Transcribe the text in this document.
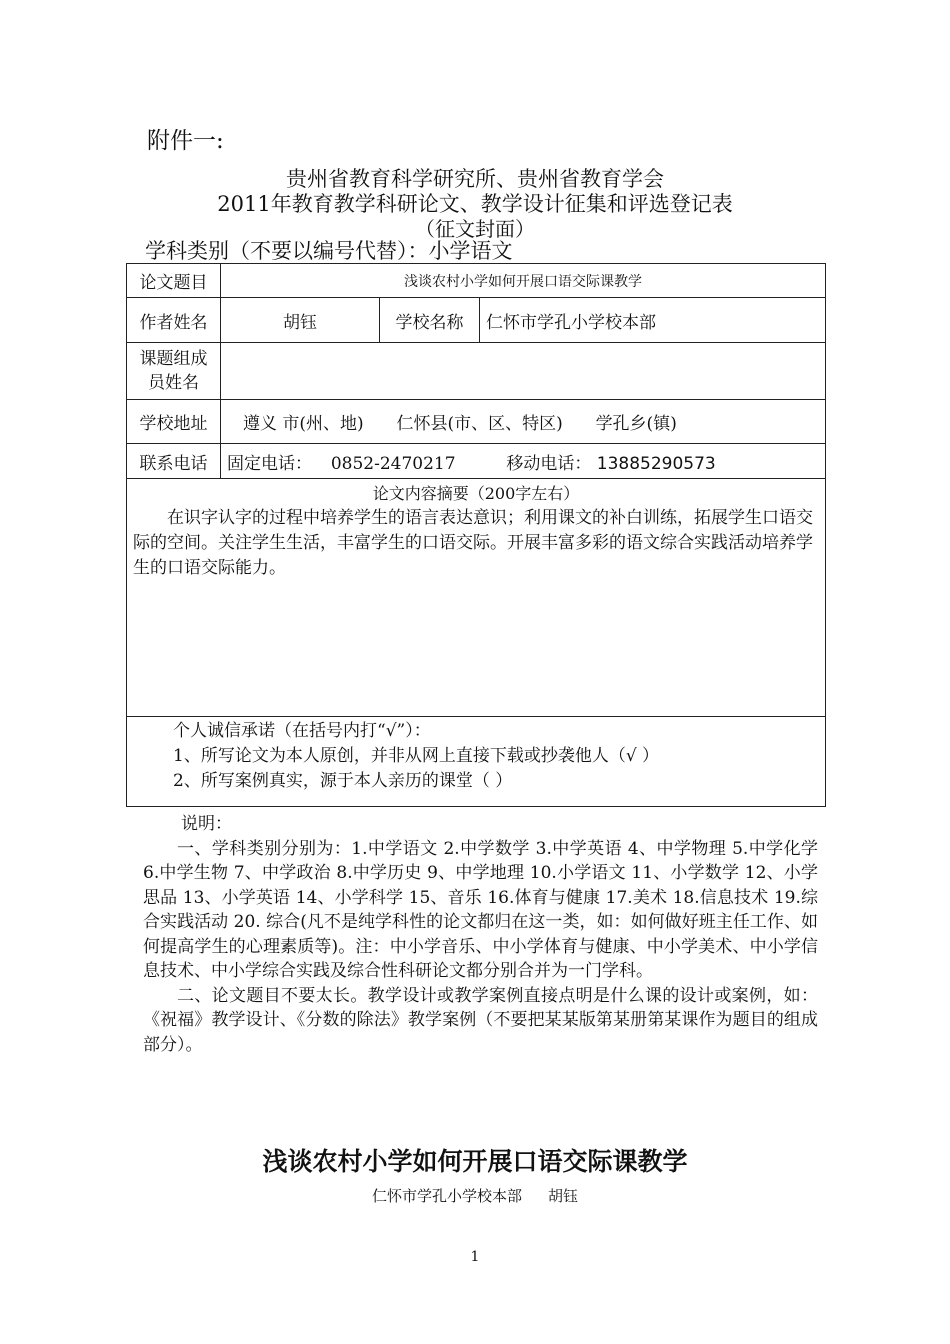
附件一:
贵州省教育科学研究所、贵州省教育学会
2011年教育教学科研论文、教学设计征集和评选登记表
（征文封面）
学科类别（不要以编号代替）：小学语文
论文题目	浅谈农村小学如何开展口语交际课教学		
作者姓名	胡钰	学校名称	仁怀市学孔小学校本部
课题组成员姓名			
学校地址	遵义 市(州、地) 仁怀县(市、区、特区) 学孔乡(镇)		
联系电话	固定电话： 0852-2470217 移动电话： 13885290573		

论文内容摘要（200字左右）
在识字认字的过程中培养学生的语言表达意识；利用课文的补白训练，拓展学生口语交际的空间。关注学生生活，丰富学生的口语交际。开展丰富多彩的语文综合实践活动培养学生的口语交际能力。			

个人诚信承诺（在括号内打“√”）：
1、所写论文为本人原创，并非从网上直接下载或抄袭他人（√ ）
2、所写案例真实，源于本人亲历的课堂（ ）			
说明：
一、学科类别分别为：1.中学语文 2.中学数学 3.中学英语 4、中学物理 5.中学化学 6.中学生物 7、中学政治 8.中学历史 9、中学地理 10.小学语文 11、小学数学 12、小学思品 13、小学英语 14、小学科学 15、音乐 16.体育与健康 17.美术 18.信息技术 19.综合实践活动 20. 综合(凡不是纯学科性的论文都归在这一类，如：如何做好班主任工作、如何提高学生的心理素质等)。注：中小学音乐、中小学体育与健康、中小学美术、中小学信息技术、中小学综合实践及综合性科研论文都分别合并为一门学科。
二、论文题目不要太长。教学设计或教学案例直接点明是什么课的设计或案例，如：《祝福》教学设计、《分数的除法》教学案例（不要把某某版第某册第某课作为题目的组成部分）。
浅谈农村小学如何开展口语交际课教学
仁怀市学孔小学校本部 胡钰
1
